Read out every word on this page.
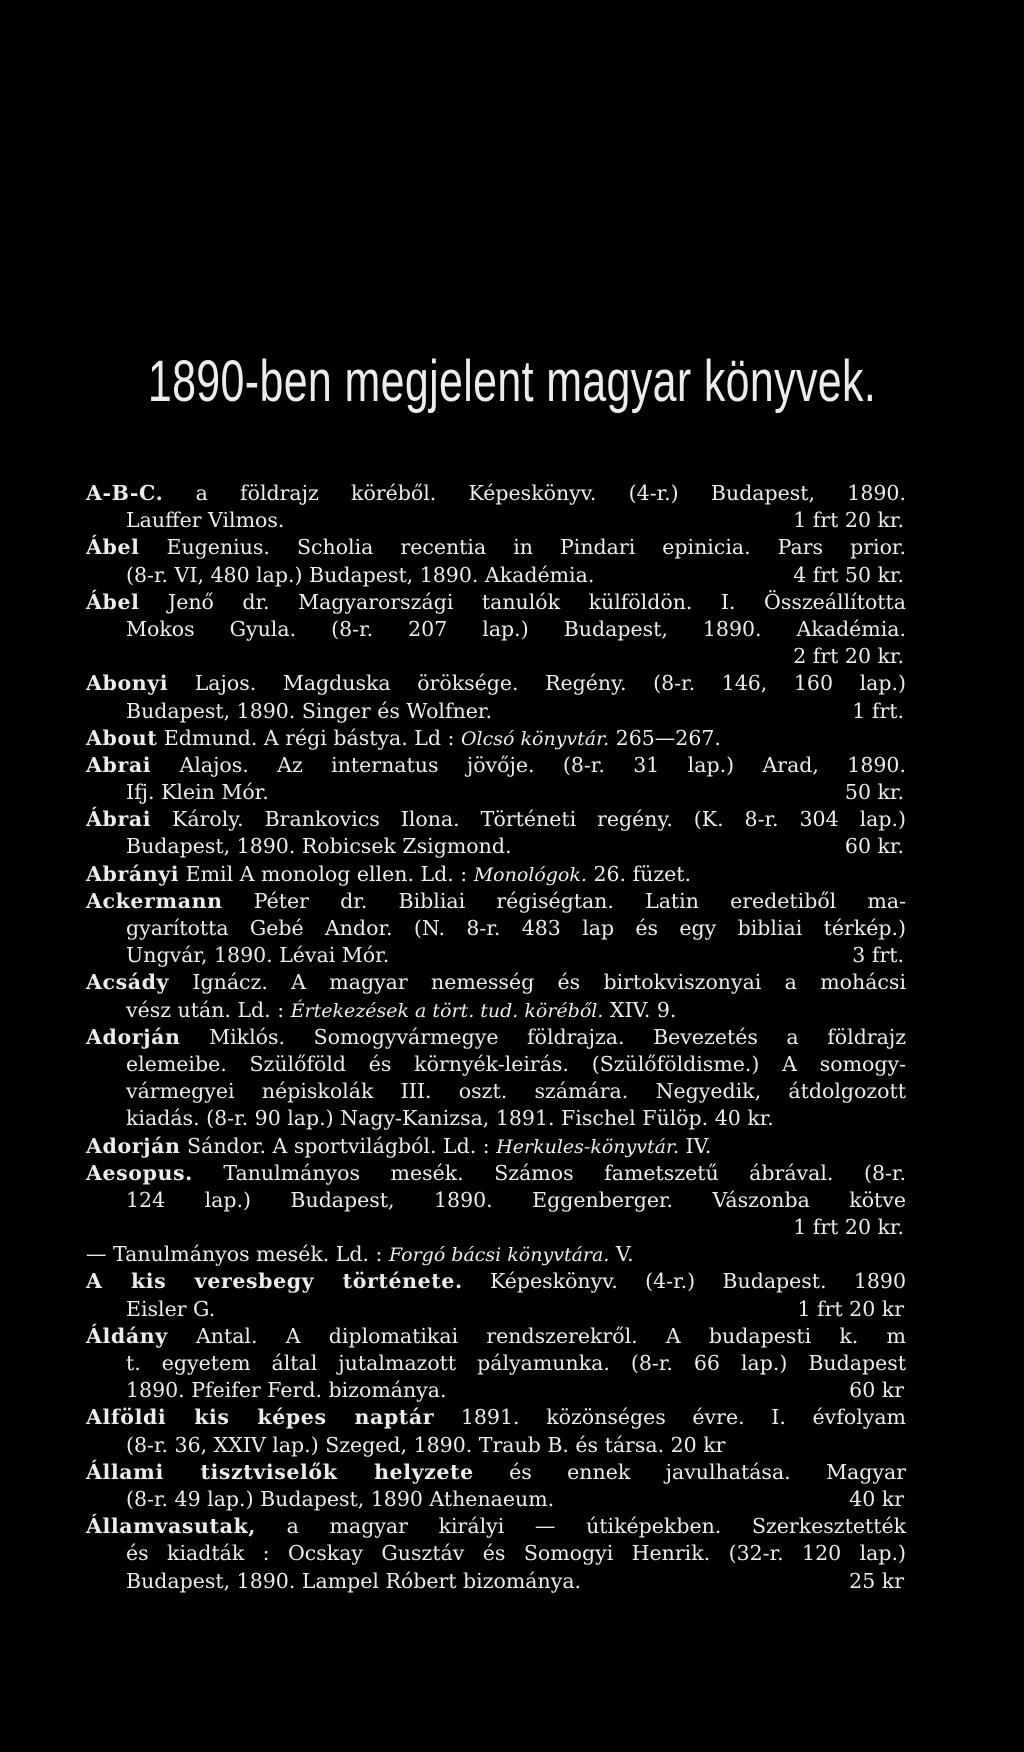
1890-ben megjelent magyar könyvek.
A-B-C. a földrajz köréből. Képeskönyv. (4-r.) Budapest, 1890.
Lauffer Vilmos.	1 frt 20 kr.
Ábel Eugenius. Scholia recentia in Pindari epinicia. Pars prior.
(8-r. VI, 480 lap.) Budapest, 1890. Akadémia.	4 frt 50 kr.
Ábel Jenő dr. Magyarországi tanulók külföldön. I. Összeállította
Mokos Gyula. (8-r. 207 lap.) Budapest, 1890. Akadémia.
2 frt 20 kr.
Abonyi Lajos. Magduska öröksége. Regény. (8-r. 146, 160 lap.)
Budapest, 1890. Singer és Wolfner.	1 frt.
About Edmund. A régi bástya. Ld : Olcsó könyvtár. 265—267.
Abrai Alajos. Az internatus jövője. (8-r. 31 lap.) Arad, 1890.
Ifj. Klein Mór.	50 kr.
Ábrai Károly. Brankovics Ilona. Történeti regény. (K. 8-r. 304 lap.)
Budapest, 1890. Robicsek Zsigmond.	60 kr.
Abrányi Emil A monolog ellen. Ld. : Monológok. 26. füzet.
Ackermann Péter dr. Bibliai régiségtan. Latin eredetiből ma-
gyarította Gebé Andor. (N. 8-r. 483 lap és egy bibliai térkép.)
Ungvár, 1890. Lévai Mór.	3 frt.
Acsády Ignácz. A magyar nemesség és birtokviszonyai a mohácsi
vész után. Ld. : Értekezések a tört. tud. köréből. XIV. 9.
Adorján Miklós. Somogyvármegye földrajza. Bevezetés a földrajz
elemeibe. Szülőföld és környék-leirás. (Szülőföldisme.) A somogy-
vármegyei népiskolák III. oszt. számára. Negyedik, átdolgozott
kiadás. (8-r. 90 lap.) Nagy-Kanizsa, 1891. Fischel Fülöp. 40 kr.
Adorján Sándor. A sportvilágból. Ld. : Herkules-könyvtár. IV.
Aesopus. Tanulmányos mesék. Számos fametszetű ábrával. (8-r.
124 lap.) Budapest, 1890. Eggenberger. Vászonba kötve
1 frt 20 kr.
— Tanulmányos mesék. Ld. : Forgó bácsi könyvtára. V.
A kis veresbegy története. Képeskönyv. (4-r.) Budapest. 1890
Eisler G.	1 frt 20 kr
Áldány Antal. A diplomatikai rendszerekről. A budapesti k. m
t. egyetem által jutalmazott pályamunka. (8-r. 66 lap.) Budapest
1890. Pfeifer Ferd. bizománya.	60 kr
Alföldi kis képes naptár 1891. közönséges évre. I. évfolyam
(8-r. 36, XXIV lap.) Szeged, 1890. Traub B. és társa. 20 kr
Állami tisztviselők helyzete és ennek javulhatása. Magyar
(8-r. 49 lap.) Budapest, 1890 Athenaeum.	40 kr
Államvasutak, a magyar királyi — útiképekben. Szerkesztették
és kiadták : Ocskay Gusztáv és Somogyi Henrik. (32-r. 120 lap.)
Budapest, 1890. Lampel Róbert bizománya.	25 kr
